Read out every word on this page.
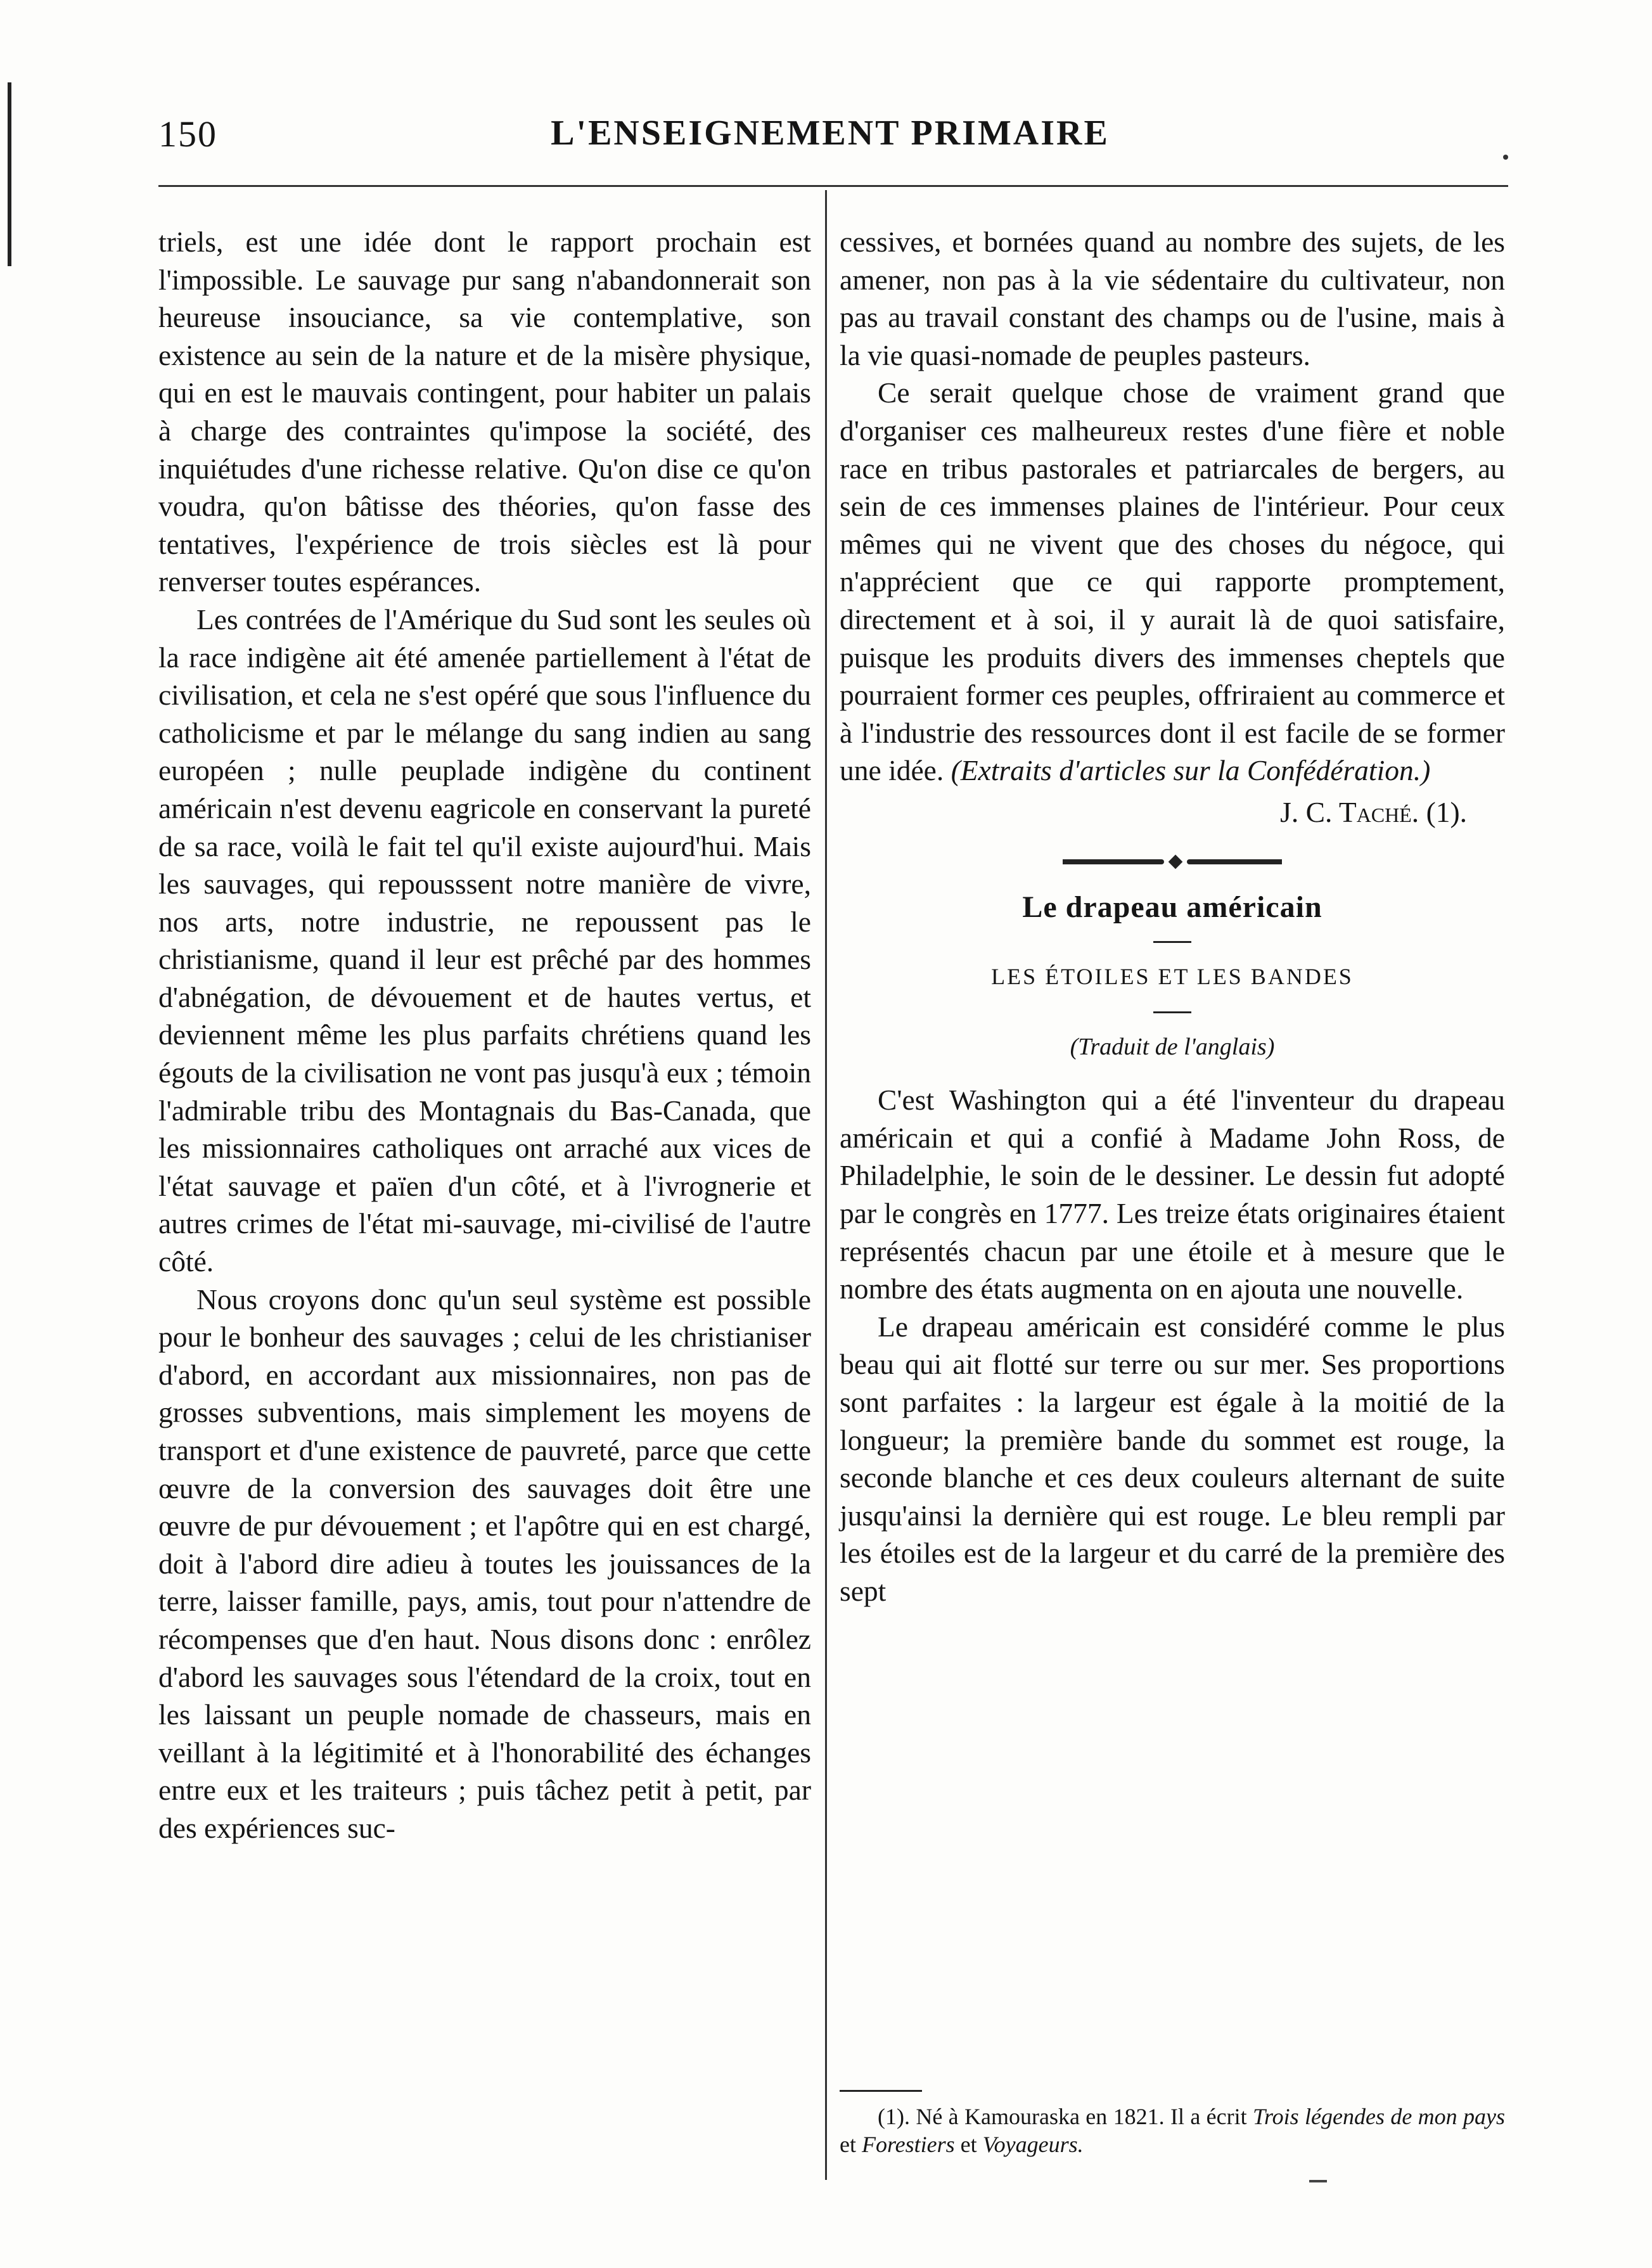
150	L'ENSEIGNEMENT PRIMAIRE

triels, est une idée dont le rapport prochain est l'impossible. Le sauvage pur sang n'abandonnerait son heureuse insouciance, sa vie contemplative, son existence au sein de la nature et de la misère physique, qui en est le mauvais contingent, pour habiter un palais à charge des contraintes qu'impose la société, des inquiétudes d'une richesse relative. Qu'on dise ce qu'on voudra, qu'on bâtisse des théories, qu'on fasse des tentatives, l'expérience de trois siècles est là pour renverser toutes espérances.

Les contrées de l'Amérique du Sud sont les seules où la race indigène ait été amenée partiellement à l'état de civilisation, et cela ne s'est opéré que sous l'influence du catholicisme et par le mélange du sang indien au sang européen ; nulle peuplade indigène du continent américain n'est devenu eagricole en conservant la pureté de sa race, voilà le fait tel qu'il existe aujourd'hui. Mais les sauvages, qui repousssent notre manière de vivre, nos arts, notre industrie, ne repoussent pas le christianisme, quand il leur est prêché par des hommes d'abnégation, de dévouement et de hautes vertus, et deviennent même les plus parfaits chrétiens quand les égouts de la civilisation ne vont pas jusqu'à eux ; témoin l'admirable tribu des Montagnais du Bas-Canada, que les missionnaires catholiques ont arraché aux vices de l'état sauvage et païen d'un côté, et à l'ivrognerie et autres crimes de l'état mi-sauvage, mi-civilisé de l'autre côté.

Nous croyons donc qu'un seul système est possible pour le bonheur des sauvages ; celui de les christianiser d'abord, en accordant aux missionnaires, non pas de grosses subventions, mais simplement les moyens de transport et d'une existence de pauvreté, parce que cette œuvre de la conversion des sauvages doit être une œuvre de pur dévouement ; et l'apôtre qui en est chargé, doit à l'abord dire adieu à toutes les jouissances de la terre, laisser famille, pays, amis, tout pour n'attendre de récompenses que d'en haut. Nous disons donc : enrôlez d'abord les sauvages sous l'étendard de la croix, tout en les laissant un peuple nomade de chasseurs, mais en veillant à la légitimité et à l'honorabilité des échanges entre eux et les traiteurs ; puis tâchez petit à petit, par des expériences suc-

cessives, et bornées quand au nombre des sujets, de les amener, non pas à la vie sédentaire du cultivateur, non pas au travail constant des champs ou de l'usine, mais à la vie quasi-nomade de peuples pasteurs.

Ce serait quelque chose de vraiment grand que d'organiser ces malheureux restes d'une fière et noble race en tribus pastorales et patriarcales de bergers, au sein de ces immenses plaines de l'intérieur. Pour ceux mêmes qui ne vivent que des choses du négoce, qui n'apprécient que ce qui rapporte promptement, directement et à soi, il y aurait là de quoi satisfaire, puisque les produits divers des immenses cheptels que pourraient former ces peuples, offriraient au commerce et à l'industrie des ressources dont il est facile de se former une idée. (Extraits d'articles sur la Confédération.)

J. C. Taché. (1).

Le drapeau américain

LES ÉTOILES ET LES BANDES

(Traduit de l'anglais)

C'est Washington qui a été l'inventeur du drapeau américain et qui a confié à Madame John Ross, de Philadelphie, le soin de le dessiner. Le dessin fut adopté par le congrès en 1777. Les treize états originaires étaient représentés chacun par une étoile et à mesure que le nombre des états augmenta on en ajouta une nouvelle.

Le drapeau américain est considéré comme le plus beau qui ait flotté sur terre ou sur mer. Ses proportions sont parfaites : la largeur est égale à la moitié de la longueur; la première bande du sommet est rouge, la seconde blanche et ces deux couleurs alternant de suite jusqu'ainsi la dernière qui est rouge. Le bleu rempli par les étoiles est de la largeur et du carré de la première des sept

(1). Né à Kamouraska en 1821. Il a écrit Trois légendes de mon pays et Forestiers et Voyageurs.
